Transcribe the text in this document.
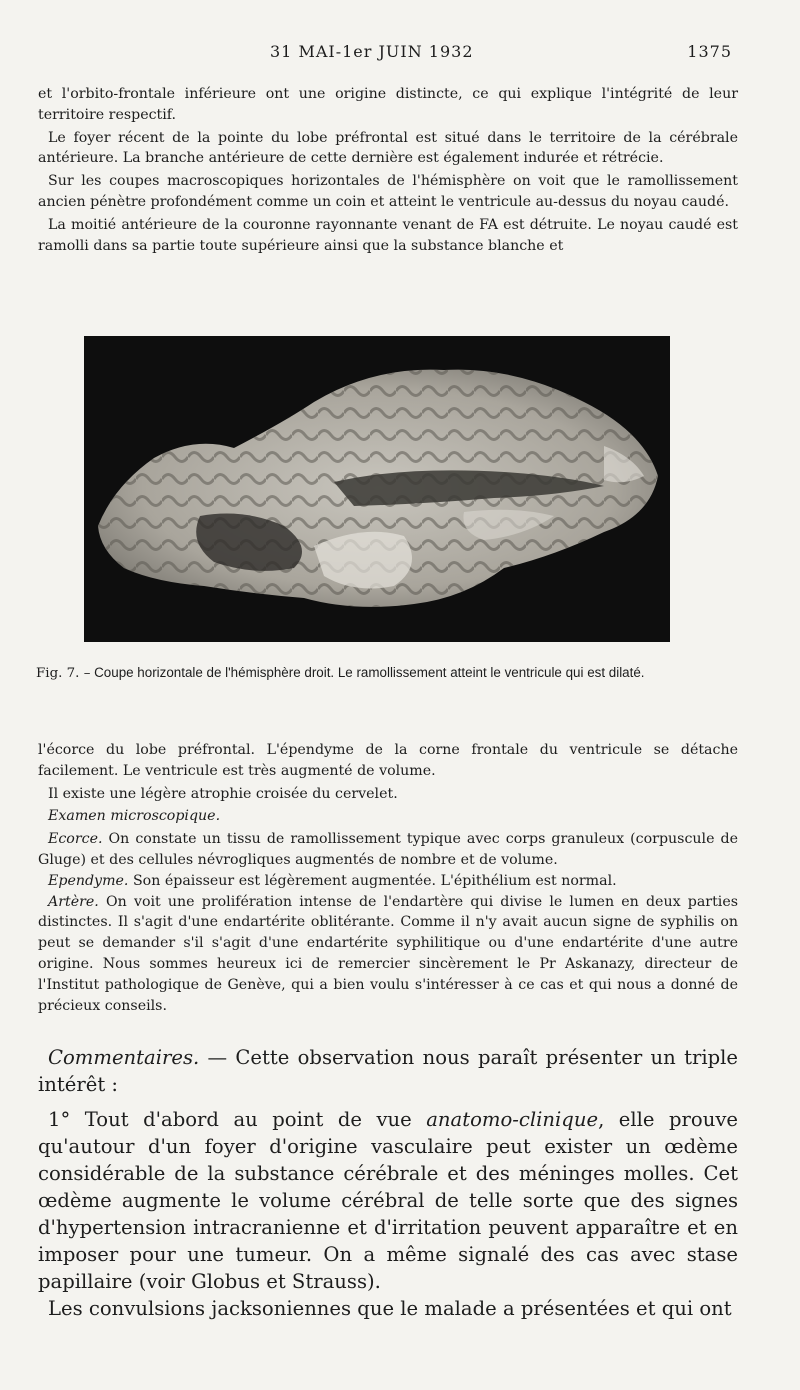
31 MAI-1er JUIN 1932	1375

et l'orbito-frontale inférieure ont une origine distincte, ce qui explique l'intégrité de leur territoire respectif.

Le foyer récent de la pointe du lobe préfrontal est situé dans le territoire de la cérébrale antérieure. La branche antérieure de cette dernière est également indurée et rétrécie.

Sur les coupes macroscopiques horizontales de l'hémisphère on voit que le ramollissement ancien pénètre profondément comme un coin et atteint le ventricule au-dessus du noyau caudé.

La moitié antérieure de la couronne rayonnante venant de FA est détruite. Le noyau caudé est ramolli dans sa partie toute supérieure ainsi que la substance blanche et

Fig. 7. – Coupe horizontale de l'hémisphère droit. Le ramollissement atteint le ventricule qui est dilaté.

l'écorce du lobe préfrontal. L'épendyme de la corne frontale du ventricule se détache facilement. Le ventricule est très augmenté de volume.

Il existe une légère atrophie croisée du cervelet.

Examen microscopique.

Ecorce. On constate un tissu de ramollissement typique avec corps granuleux (corpuscule de Gluge) et des cellules névrogliques augmentés de nombre et de volume.

Ependyme. Son épaisseur est légèrement augmentée. L'épithélium est normal.

Artère. On voit une prolifération intense de l'endartère qui divise le lumen en deux parties distinctes. Il s'agit d'une endartérite oblitérante. Comme il n'y avait aucun signe de syphilis on peut se demander s'il s'agit d'une endartérite syphilitique ou d'une endartérite d'une autre origine. Nous sommes heureux ici de remercier sincèrement le Pr Askanazy, directeur de l'Institut pathologique de Genève, qui a bien voulu s'intéresser à ce cas et qui nous a donné de précieux conseils.

Commentaires. — Cette observation nous paraît présenter un triple intérêt :

1° Tout d'abord au point de vue anatomo-clinique, elle prouve qu'autour d'un foyer d'origine vasculaire peut exister un œdème considérable de la substance cérébrale et des méninges molles. Cet œdème augmente le volume cérébral de telle sorte que des signes d'hypertension intracranienne et d'irritation peuvent apparaître et en imposer pour une tumeur. On a même signalé des cas avec stase papillaire (voir Globus et Strauss).

Les convulsions jacksoniennes que le malade a présentées et qui ont
